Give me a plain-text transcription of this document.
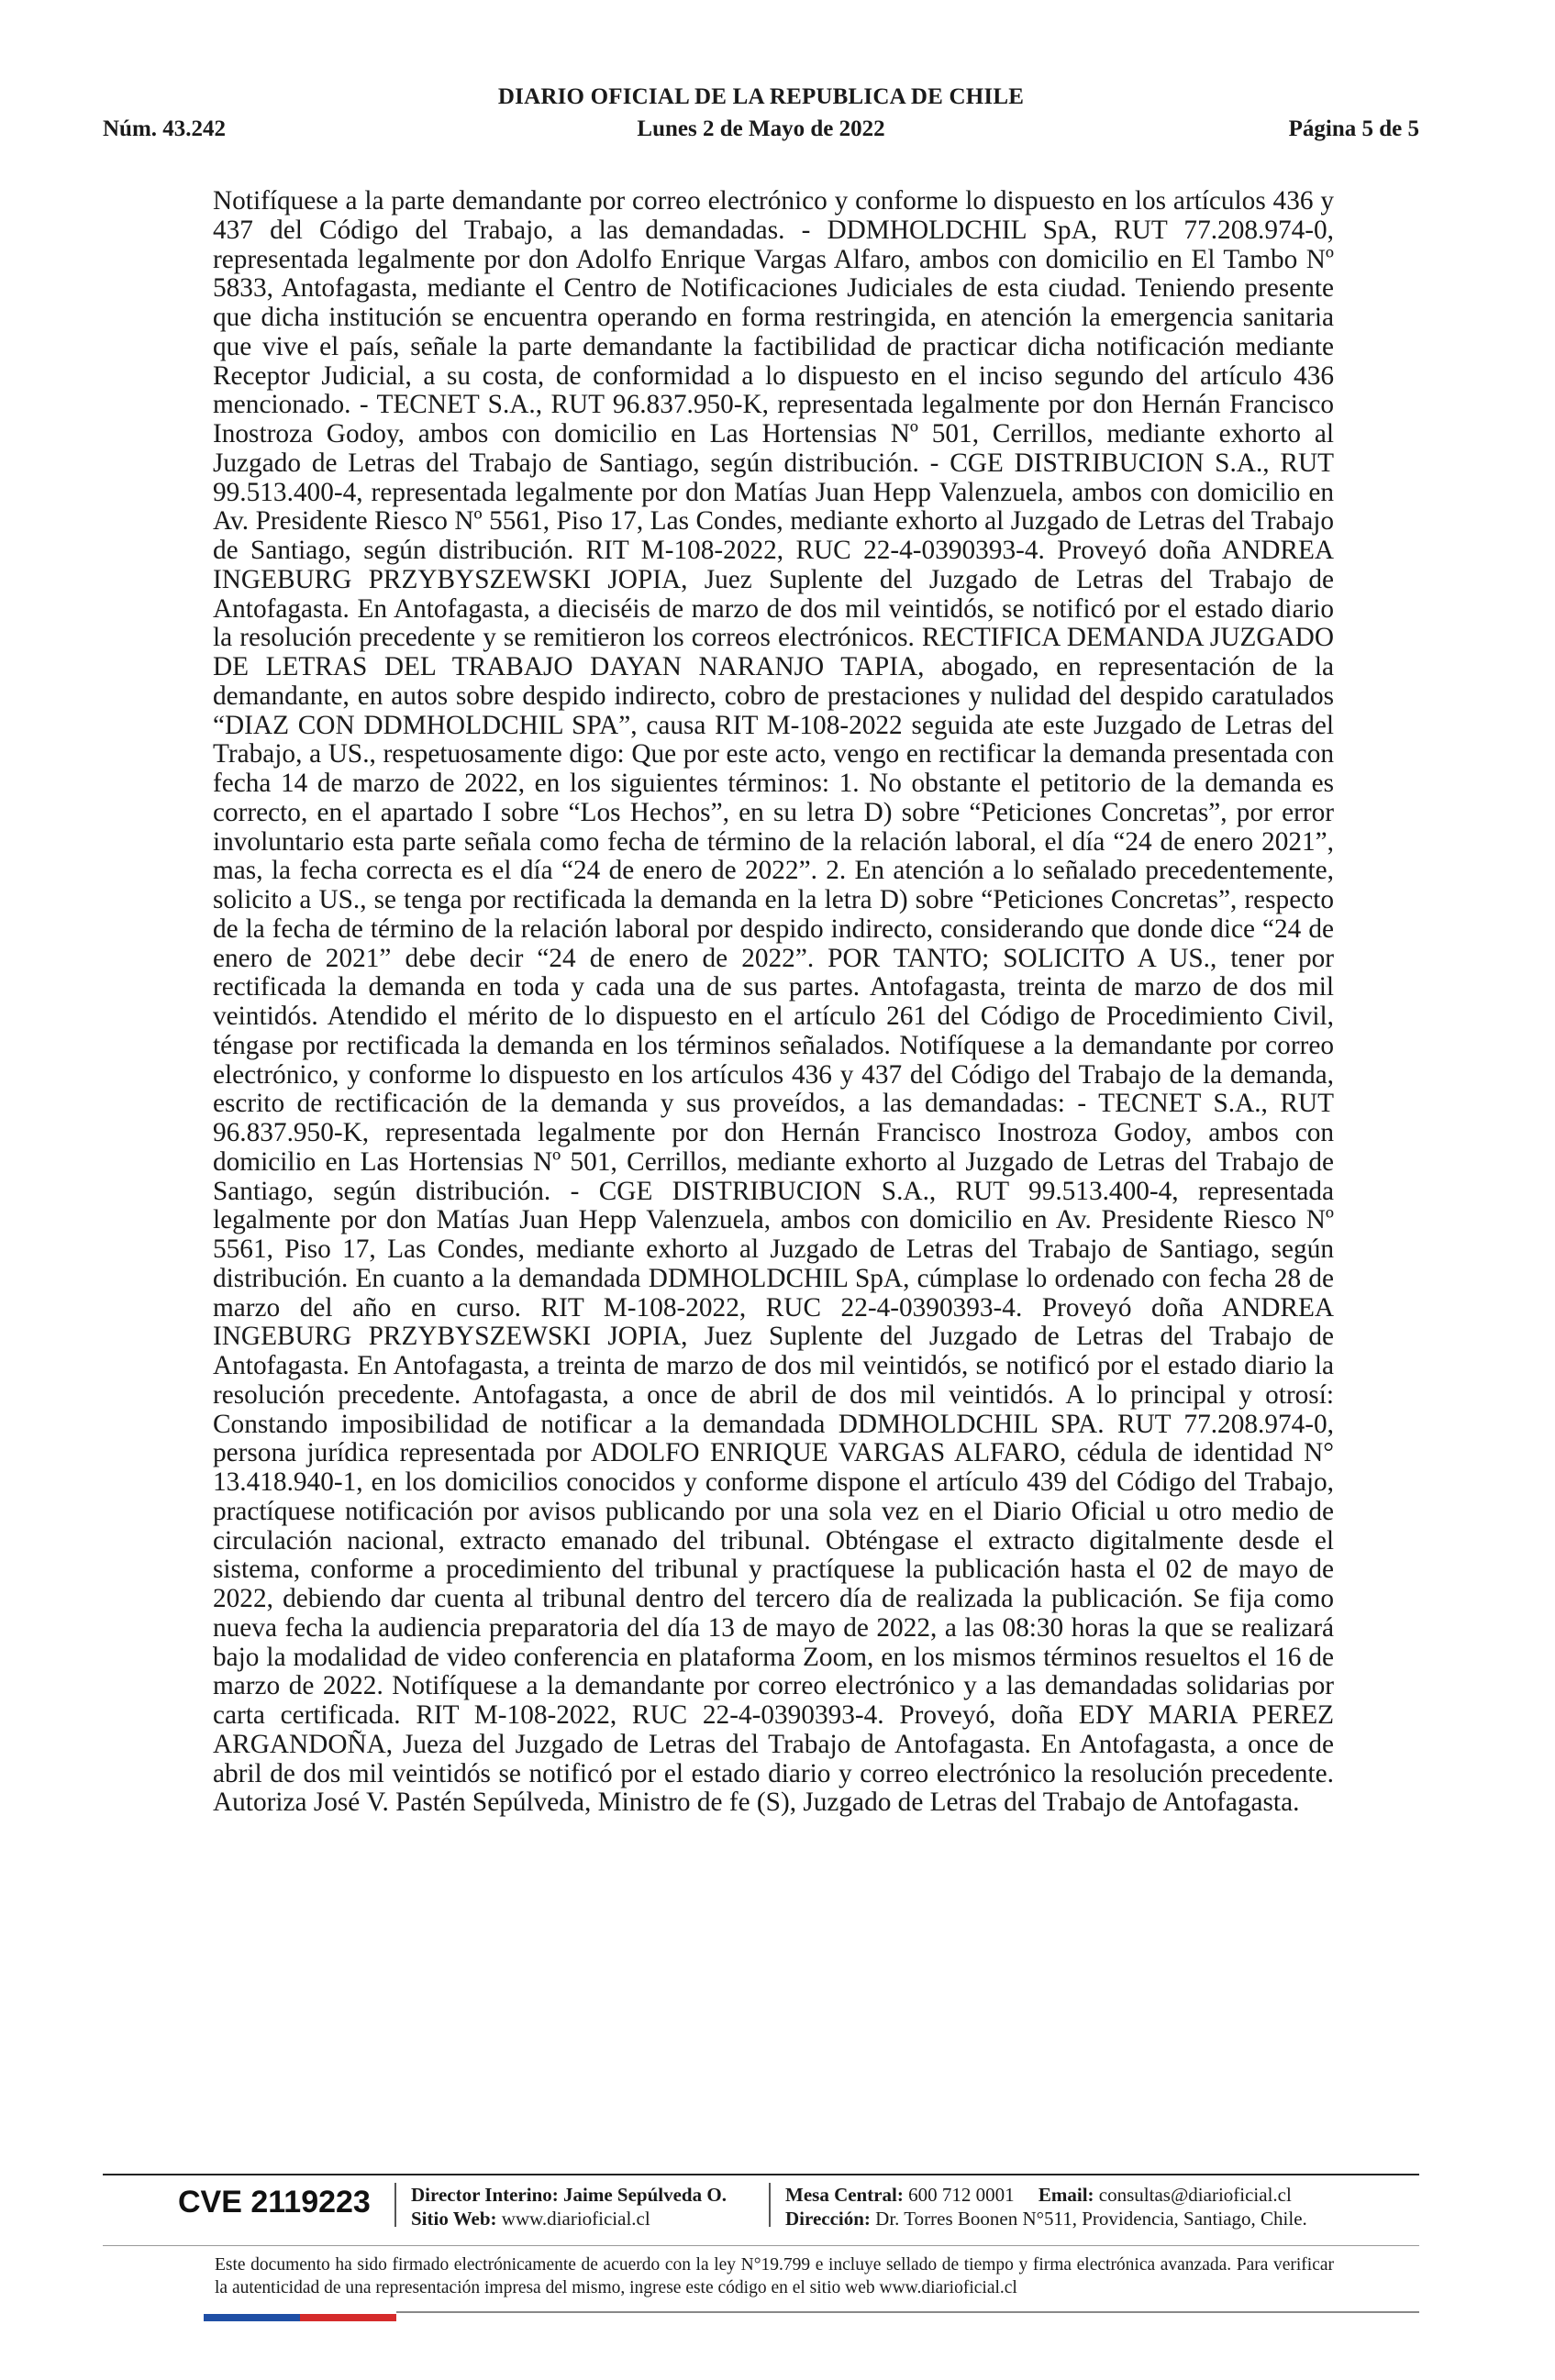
DIARIO OFICIAL DE LA REPUBLICA DE CHILE
Núm. 43.242	Lunes 2 de Mayo de 2022	Página 5 de 5
Notifíquese a la parte demandante por correo electrónico y conforme lo dispuesto en los artículos 436 y 437 del Código del Trabajo, a las demandadas. - DDMHOLDCHIL SpA, RUT 77.208.974-0, representada legalmente por don Adolfo Enrique Vargas Alfaro, ambos con domicilio en El Tambo Nº 5833, Antofagasta, mediante el Centro de Notificaciones Judiciales de esta ciudad. Teniendo presente que dicha institución se encuentra operando en forma restringida, en atención la emergencia sanitaria que vive el país, señale la parte demandante la factibilidad de practicar dicha notificación mediante Receptor Judicial, a su costa, de conformidad a lo dispuesto en el inciso segundo del artículo 436 mencionado. - TECNET S.A., RUT 96.837.950-K, representada legalmente por don Hernán Francisco Inostroza Godoy, ambos con domicilio en Las Hortensias Nº 501, Cerrillos, mediante exhorto al Juzgado de Letras del Trabajo de Santiago, según distribución. - CGE DISTRIBUCION S.A., RUT 99.513.400-4, representada legalmente por don Matías Juan Hepp Valenzuela, ambos con domicilio en Av. Presidente Riesco Nº 5561, Piso 17, Las Condes, mediante exhorto al Juzgado de Letras del Trabajo de Santiago, según distribución. RIT M-108-2022, RUC 22-4-0390393-4. Proveyó doña ANDREA INGEBURG PRZYBYSZEWSKI JOPIA, Juez Suplente del Juzgado de Letras del Trabajo de Antofagasta. En Antofagasta, a dieciséis de marzo de dos mil veintidós, se notificó por el estado diario la resolución precedente y se remitieron los correos electrónicos. RECTIFICA DEMANDA JUZGADO DE LETRAS DEL TRABAJO DAYAN NARANJO TAPIA, abogado, en representación de la demandante, en autos sobre despido indirecto, cobro de prestaciones y nulidad del despido caratulados “DIAZ CON DDMHOLDCHIL SPA”, causa RIT M-108-2022 seguida ate este Juzgado de Letras del Trabajo, a US., respetuosamente digo: Que por este acto, vengo en rectificar la demanda presentada con fecha 14 de marzo de 2022, en los siguientes términos: 1. No obstante el petitorio de la demanda es correcto, en el apartado I sobre “Los Hechos”, en su letra D) sobre “Peticiones Concretas”, por error involuntario esta parte señala como fecha de término de la relación laboral, el día “24 de enero 2021”, mas, la fecha correcta es el día “24 de enero de 2022”. 2. En atención a lo señalado precedentemente, solicito a US., se tenga por rectificada la demanda en la letra D) sobre “Peticiones Concretas”, respecto de la fecha de término de la relación laboral por despido indirecto, considerando que donde dice “24 de enero de 2021” debe decir “24 de enero de 2022”. POR TANTO; SOLICITO A US., tener por rectificada la demanda en toda y cada una de sus partes. Antofagasta, treinta de marzo de dos mil veintidós. Atendido el mérito de lo dispuesto en el artículo 261 del Código de Procedimiento Civil, téngase por rectificada la demanda en los términos señalados. Notifíquese a la demandante por correo electrónico, y conforme lo dispuesto en los artículos 436 y 437 del Código del Trabajo de la demanda, escrito de rectificación de la demanda y sus proveídos, a las demandadas: - TECNET S.A., RUT 96.837.950-K, representada legalmente por don Hernán Francisco Inostroza Godoy, ambos con domicilio en Las Hortensias Nº 501, Cerrillos, mediante exhorto al Juzgado de Letras del Trabajo de Santiago, según distribución. - CGE DISTRIBUCION S.A., RUT 99.513.400-4, representada legalmente por don Matías Juan Hepp Valenzuela, ambos con domicilio en Av. Presidente Riesco Nº 5561, Piso 17, Las Condes, mediante exhorto al Juzgado de Letras del Trabajo de Santiago, según distribución. En cuanto a la demandada DDMHOLDCHIL SpA, cúmplase lo ordenado con fecha 28 de marzo del año en curso. RIT M-108-2022, RUC 22-4-0390393-4. Proveyó doña ANDREA INGEBURG PRZYBYSZEWSKI JOPIA, Juez Suplente del Juzgado de Letras del Trabajo de Antofagasta. En Antofagasta, a treinta de marzo de dos mil veintidós, se notificó por el estado diario la resolución precedente. Antofagasta, a once de abril de dos mil veintidós. A lo principal y otrosí: Constando imposibilidad de notificar a la demandada DDMHOLDCHIL SPA. RUT 77.208.974-0, persona jurídica representada por ADOLFO ENRIQUE VARGAS ALFARO, cédula de identidad N° 13.418.940-1, en los domicilios conocidos y conforme dispone el artículo 439 del Código del Trabajo, practíquese notificación por avisos publicando por una sola vez en el Diario Oficial u otro medio de circulación nacional, extracto emanado del tribunal. Obténgase el extracto digitalmente desde el sistema, conforme a procedimiento del tribunal y practíquese la publicación hasta el 02 de mayo de 2022, debiendo dar cuenta al tribunal dentro del tercero día de realizada la publicación. Se fija como nueva fecha la audiencia preparatoria del día 13 de mayo de 2022, a las 08:30 horas la que se realizará bajo la modalidad de video conferencia en plataforma Zoom, en los mismos términos resueltos el 16 de marzo de 2022. Notifíquese a la demandante por correo electrónico y a las demandadas solidarias por carta certificada. RIT M-108-2022, RUC 22-4-0390393-4. Proveyó, doña EDY MARIA PEREZ ARGANDOÑA, Jueza del Juzgado de Letras del Trabajo de Antofagasta. En Antofagasta, a once de abril de dos mil veintidós se notificó por el estado diario y correo electrónico la resolución precedente. Autoriza José V. Pastén Sepúlveda, Ministro de fe (S), Juzgado de Letras del Trabajo de Antofagasta.
CVE 2119223 Director Interino: Jaime Sepúlveda O.
Sitio Web: www.diarioficial.cl
Mesa Central: 600 712 0001 Email: consultas@diarioficial.cl
Dirección: Dr. Torres Boonen N°511, Providencia, Santiago, Chile.
Este documento ha sido firmado electrónicamente de acuerdo con la ley N°19.799 e incluye sellado de tiempo y firma electrónica avanzada. Para verificar la autenticidad de una representación impresa del mismo, ingrese este código en el sitio web www.diarioficial.cl
